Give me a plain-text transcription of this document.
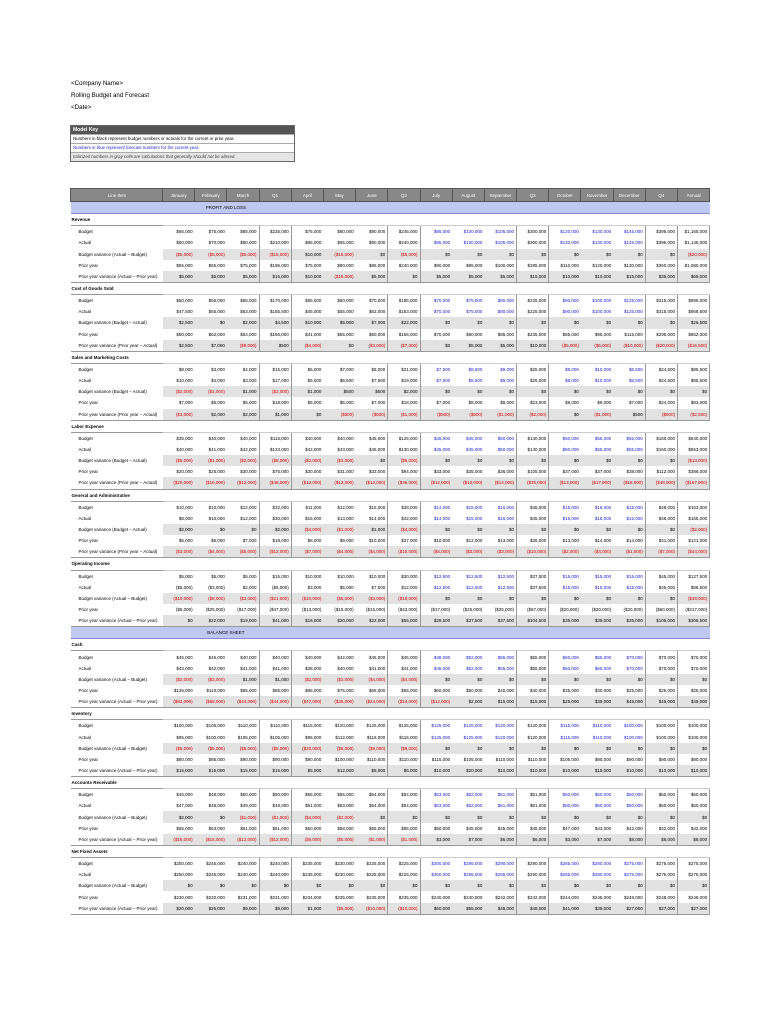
<Company Name>
Rolling Budget and Forecast
<Date>
Model Key
Numbers in black represent budget numbers or actuals for the current or prior year.
Numbers in blue represent forecast numbers for the current year.
Italicized numbers in gray cells are calculations that generally should not be altered.
Line Item	January	February	March	Q1	April	May	June	Q2	July	August	September	Q3	October	November	December	Q4	Annual
	PROFIT AND LOSS																
Revenue																	
Budget	$65,000	$75,000	$85,000	$225,000	$75,000	$80,000	$90,000	$245,000	$95,000	$100,000	$105,000	$300,000	$120,000	$130,000	$145,000	$395,000	$1,165,000
Actual	$60,000	$70,000	$80,000	$210,000	$85,000	$65,000	$90,000	$240,000	$95,000	$100,000	$105,000	$300,000	$120,000	$130,000	$145,000	$395,000	$1,145,000
Budget variance (Actual – Budget)	($5,000)	($5,000)	($5,000)	($15,000)	$10,000	($15,000)	$0	($5,000)	$0	$0	$0	$0	$0	$0	$0	$0	($20,000)
Prior year	$55,000	$65,000	$75,000	$195,000	$75,000	$80,000	$85,000	$240,000	$90,000	$95,000	$100,000	$285,000	$110,000	$120,000	$130,000	$360,000	$1,080,000
Prior year variance (Actual – Prior year)	$5,000	$5,000	$5,000	$15,000	$10,000	($15,000)	$5,000	$0	$5,000	$5,000	$5,000	$15,000	$10,000	$10,000	$15,000	$35,000	$65,000
Cost of Goods Sold																	
Budget	$50,000	$55,000	$65,000	$170,000	$55,000	$60,000	$70,000	$185,000	$70,000	$75,000	$80,000	$225,000	$90,000	$100,000	$125,000	$315,000	$895,000
Actual	$47,500	$55,000	$63,000	$165,500	$45,000	$55,000	$63,000	$163,000	$70,000	$75,000	$80,000	$225,000	$90,000	$100,000	$125,000	$315,000	$868,500
Budget variance (Budget – Actual)	$2,500	$0	$2,000	$4,500	$10,000	$5,000	$7,000	$22,000	$0	$0	$0	$0	$0	$0	$0	$0	$26,500
Prior year	$50,000	$62,000	$54,000	$166,000	$41,000	$55,000	$60,000	$156,000	$70,000	$80,000	$85,000	$235,000	$85,000	$95,000	$115,000	$295,000	$852,000
Prior year variance (Prior year – Actual)	$2,500	$7,000	($9,000)	$500	($4,000)	$0	($3,000)	($7,000)	$0	$5,000	$5,000	$10,000	($5,000)	($5,000)	($10,000)	($20,000)	($16,500)
Sales and Marketing Costs																	
Budget	$8,000	$3,000	$4,000	$15,000	$6,000	$7,000	$8,000	$21,000	$7,500	$8,500	$9,000	$25,000	$8,000	$10,000	$6,500	$24,500	$85,500
Actual	$10,000	$4,000	$3,000	$17,000	$5,000	$6,500	$7,500	$19,000	$7,500	$8,500	$9,000	$25,000	$8,000	$10,000	$6,500	$24,500	$85,500
Budget variance (Budget – Actual)	($2,000)	($1,000)	$1,000	($2,000)	$1,000	$500	$500	$2,000	$0	$0	$0	$0	$0	$0	$0	$0	$0
Prior year	$7,000	$6,000	$5,000	$18,000	$5,000	$6,000	$7,000	$18,000	$7,000	$8,000	$8,000	$23,000	$8,000	$9,000	$7,000	$24,000	$83,000
Prior year variance (Prior year – Actual)	($3,000)	$2,000	$2,000	$1,000	$0	($500)	($500)	($1,000)	($500)	($500)	($1,000)	($2,000)	$0	($1,000)	$500	($500)	($2,500)
Labor Expense																	
Budget	$35,000	$40,000	$40,000	$115,000	$40,000	$40,000	$45,000	$125,000	$45,000	$45,000	$50,000	$140,000	$50,000	$55,000	$55,000	$160,000	$540,000
Actual	$40,000	$41,000	$42,000	$123,000	$42,000	$43,000	$45,000	$130,000	$45,000	$45,000	$50,000	$140,000	$50,000	$55,000	$55,000	$160,000	$553,000
Budget variance (Budget – Actual)	($5,000)	($1,000)	($2,000)	($8,000)	($2,000)	($3,000)	$0	($5,000)	$0	$0	$0	$0	$0	$0	$0	$0	($13,000)
Prior year	$20,000	$25,000	$30,000	$75,000	$30,000	$31,000	$33,000	$94,000	$33,000	$35,000	$36,000	$105,000	$37,000	$37,000	$38,000	$112,000	$386,000
Prior year variance (Prior year – Actual)	($20,000)	($16,000)	($12,000)	($48,000)	($12,000)	($12,000)	($12,000)	($36,000)	($12,000)	($10,000)	($14,000)	($35,000)	($13,000)	($17,000)	($18,000)	($48,000)	($167,000)
General and Administrative																	
Budget	$10,000	$10,000	$12,000	$32,000	$11,000	$12,000	$15,000	$38,000	$14,000	$15,000	$16,000	$45,000	$15,000	$18,000	$15,000	$48,000	$163,000
Actual	$8,000	$10,000	$12,000	$30,000	$15,000	$13,000	$14,000	$42,000	$14,000	$15,000	$16,000	$45,000	$15,000	$18,000	$15,000	$48,000	$165,000
Budget variance (Budget – Actual)	$2,000	$0	$0	$2,000	($4,000)	($1,000)	$1,000	($4,000)	$0	$0	$0	$0	$0	$0	$0	$0	($2,000)
Prior year	$5,000	$6,000	$7,000	$18,000	$8,000	$9,000	$10,000	$27,000	$10,000	$12,000	$13,000	$35,000	$13,000	$14,000	$14,000	$41,000	$121,000
Prior year variance (Prior year – Actual)	($3,000)	($4,000)	($5,000)	($12,000)	($7,000)	($4,000)	($4,000)	($15,000)	($4,000)	($3,000)	($3,000)	($10,000)	($2,000)	($4,000)	($1,000)	($7,000)	($44,000)
Operating Income																	
Budget	$5,000	$5,000	$5,000	$15,000	$10,000	$10,000	$10,000	$30,000	$12,500	$12,500	$12,500	$37,500	$15,000	$15,000	$15,000	$45,000	$127,500
Actual	($5,000)	($3,000)	$2,000	($6,000)	$3,000	$5,000	$7,000	$12,000	$12,500	$12,500	$12,500	$37,500	$15,000	$15,000	$15,000	$45,000	$88,500
Budget variance (Actual – Budget)	($10,000)	($8,000)	($3,000)	($21,000)	($10,000)	($5,000)	($3,000)	($18,000)	$0	$0	$0	$0	$0	$0	$0	$0	($39,000)
Prior year	($5,000)	($25,000)	($17,000)	($47,000)	($13,000)	($15,000)	($15,000)	($43,000)	($17,000)	($25,000)	($25,000)	($67,000)	($20,000)	($20,000)	($20,000)	($60,000)	($217,000)
Prior year variance (Actual – Prior year)	$0	$22,000	$19,000	$41,000	$16,000	$20,000	$22,000	$55,000	$29,500	$37,500	$37,500	$104,500	$35,000	$35,000	$35,000	$105,000	$305,500
	BALANCE SHEET																
Cash																	
Budget	$45,000	$45,000	$40,000	$40,000	$40,000	$42,000	$45,000	$45,000	$48,000	$52,000	$55,000	$55,000	$60,000	$65,000	$70,000	$70,000	$70,000
Actual	$43,000	$42,000	$41,000	$41,000	$38,000	$40,000	$41,000	$41,000	$48,000	$52,000	$55,000	$55,000	$60,000	$65,000	$70,000	$70,000	$70,000
Budget variance (Actual – Budget)	($2,000)	($3,000)	$1,000	$1,000	($2,000)	($2,000)	($4,000)	($4,000)	$0	$0	$0	$0	$0	$0	$0	$0	$0
Prior year	$125,000	$110,000	$85,000	$85,000	$85,000	$75,000	$65,000	$65,000	$60,000	$50,000	$40,000	$40,000	$35,000	$30,000	$25,000	$25,000	$25,000
Prior year variance (Actual – Prior year)	($82,000)	($68,000)	($44,000)	($44,000)	($47,000)	($35,000)	($24,000)	($24,000)	($12,000)	$2,000	$15,000	$15,000	$25,000	$35,000	$45,000	$45,000	$45,000
Inventory																	
Budget	$100,000	$105,000	$110,000	$110,000	$115,000	$120,000	$125,000	$125,000	$125,000	$125,000	$120,000	$120,000	$115,000	$110,000	$100,000	$100,000	$100,000
Actual	$95,000	$100,000	$105,000	$105,000	$95,000	$112,000	$116,000	$116,000	$125,000	$125,000	$120,000	$120,000	$115,000	$110,000	$100,000	$100,000	$100,000
Budget variance (Actual – Budget)	($5,000)	($5,000)	($5,000)	($5,000)	($20,000)	($8,000)	($9,000)	($9,000)	$0	$0	$0	$0	$0	$0	$0	$0	$0
Prior year	$80,000	$85,000	$90,000	$90,000	$90,000	$100,000	$110,000	$110,000	$115,000	$105,000	$110,000	$110,000	$105,000	$95,000	$90,000	$90,000	$90,000
Prior year variance (Actual – Prior year)	$15,000	$15,000	$15,000	$15,000	$5,000	$12,000	$6,000	$6,000	$10,000	$20,000	$10,000	$10,000	$10,000	$15,000	$10,000	$10,000	$10,000
Accounts Receivable																	
Budget	$45,000	$48,000	$50,000	$50,000	$55,000	$55,000	$54,000	$54,000	$53,000	$52,000	$51,000	$51,000	$50,000	$50,000	$50,000	$50,000	$50,000
Actual	$47,000	$48,000	$49,000	$49,000	$51,000	$53,000	$54,000	$54,000	$53,000	$52,000	$51,000	$51,000	$50,000	$50,000	$50,000	$50,000	$50,000
Budget variance (Actual – Budget)	$2,000	$0	($1,000)	($1,000)	($4,000)	($2,000)	$0	$0	$0	$0	$0	$0	$0	$0	$0	$0	$0
Prior year	$65,000	$63,000	$61,000	$61,000	$60,000	$58,000	$55,000	$55,000	$50,000	$45,000	$45,000	$45,000	$47,000	$43,000	$42,000	$42,000	$42,000
Prior year variance (Actual – Prior year)	($18,000)	($15,000)	($12,000)	($12,000)	($9,000)	($5,000)	($1,000)	($1,000)	$3,000	$7,000	$6,000	$6,000	$3,000	$7,000	$8,000	$8,000	$8,000
Net Fixed Assets																	
Budget	$250,000	$245,000	$240,000	$240,000	$235,000	$230,000	$225,000	$225,000	$300,000	$295,000	$290,000	$290,000	$285,000	$280,000	$275,000	$275,000	$275,000
Actual	$250,000	$245,000	$240,000	$240,000	$235,000	$230,000	$225,000	$225,000	$300,000	$295,000	$290,000	$290,000	$285,000	$280,000	$275,000	$275,000	$275,000
Budget variance (Actual – Budget)	$0	$0	$0	$0	$0	$0	$0	$0	$0	$0	$0	$0	$0	$0	$0	$0	$0
Prior year	$230,000	$220,000	$231,000	$231,000	$234,000	$235,000	$235,000	$235,000	$240,000	$240,000	$242,000	$242,000	$244,000	$245,000	$248,000	$248,000	$248,000
Prior year variance (Actual – Prior year)	$20,000	$25,000	$9,000	$9,000	$1,000	($5,000)	($10,000)	($10,000)	$60,000	$55,000	$48,000	$48,000	$41,000	$35,000	$27,000	$27,000	$27,000
